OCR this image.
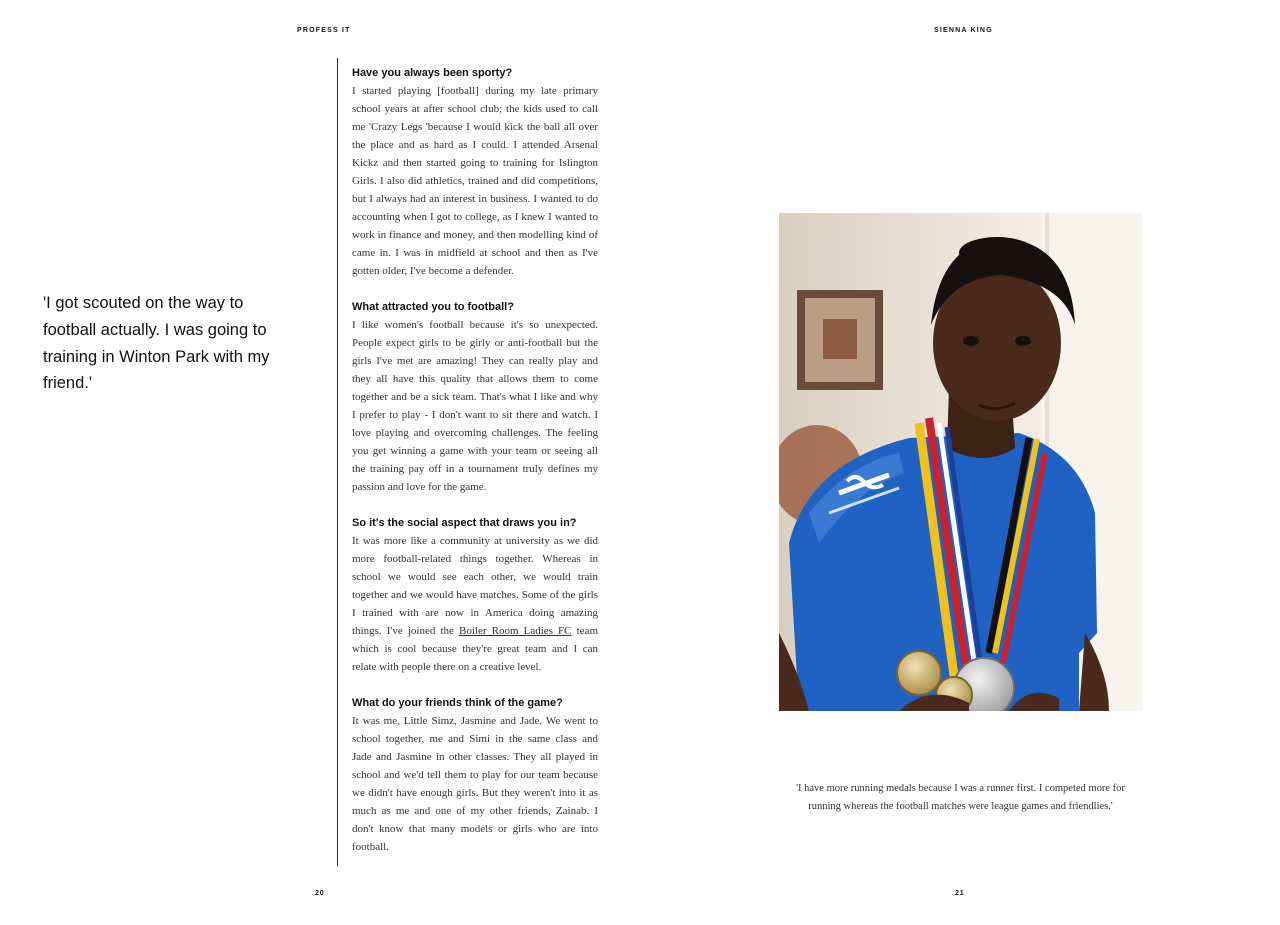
PROFESS IT	SIENNA KING

'I got scouted on the way to football actually. I was going to training in Winton Park with my friend.'

Have you always been sporty?

I started playing [football] during my late primary school years at after school club; the kids used to call me 'Crazy Legs 'because I would kick the ball all over the place and as hard as I could. I attended Arsenal Kickz and then started going to training for Islington Girls. I also did athletics, trained and did competitions, but I always had an interest in business. I wanted to do accounting when I got to college, as I knew I wanted to work in finance and money, and then modelling kind of came in. I was in midfield at school and then as I've gotten older, I've become a defender.

What attracted you to football?

I like women's football because it's so unexpected. People expect girls to be girly or anti-football but the girls I've met are amazing! They can really play and they all have this quality that allows them to come together and be a sick team. That's what I like and why I prefer to play - I don't want to sit there and watch. I love playing and overcoming challenges. The feeling you get winning a game with your team or seeing all the training pay off in a tournament truly defines my passion and love for the game.

So it's the social aspect that draws you in?

It was more like a community at university as we did more football-related things together. Whereas in school we would see each other, we would train together and we would have matches. Some of the girls I trained with are now in America doing amazing things. I've joined the Boiler Room Ladies FC team which is cool because they're great team and I can relate with people there on a creative level.

What do your friends think of the game?

It was me, Little Simz, Jasmine and Jade. We went to school together, me and Simi in the same class and Jade and Jasmine in other classes. They all played in school and we'd tell them to play for our team because we didn't have enough girls. But they weren't into it as much as me and one of my other friends, Zainab. I don't know that many models or girls who are into football.

'I have more running medals because I was a runner first. I competed more for running whereas the football matches were league games and friendlies.'

20	21
